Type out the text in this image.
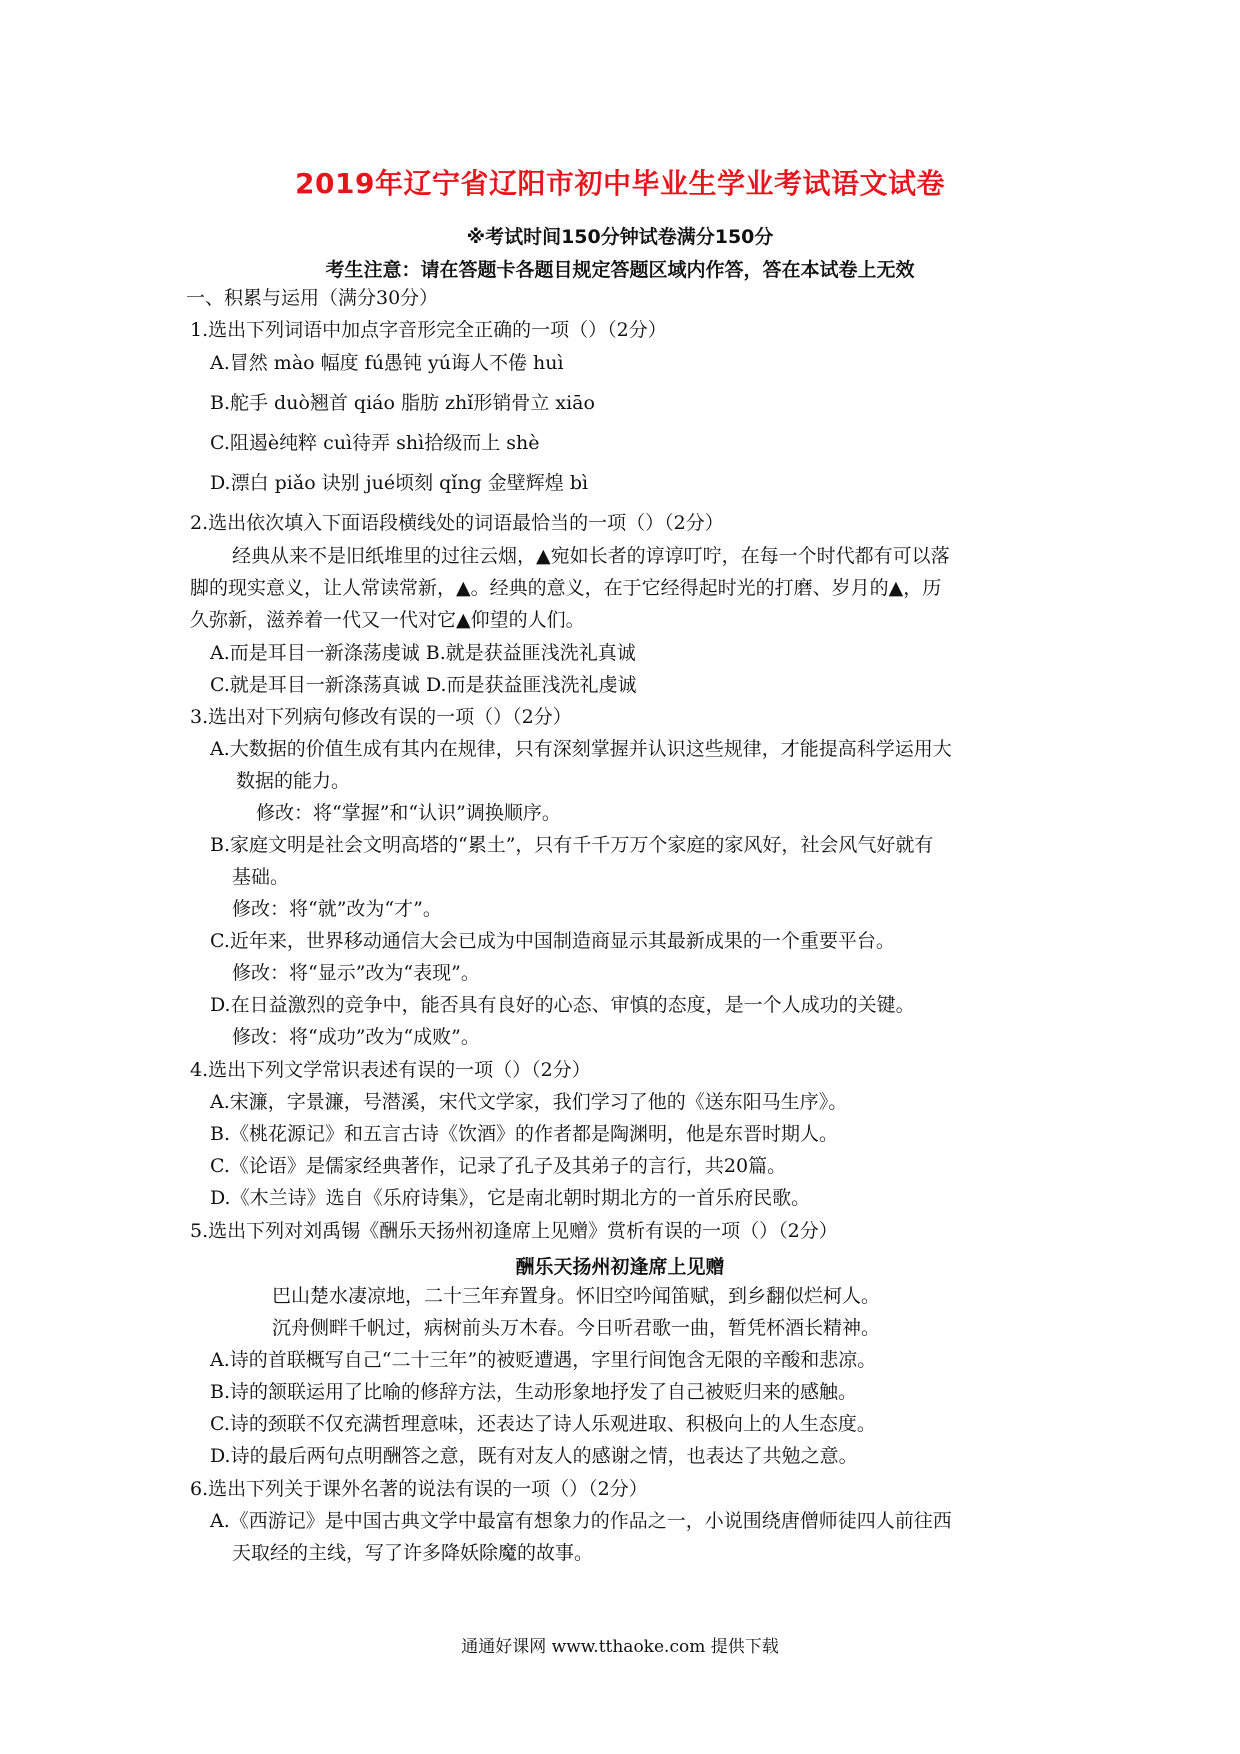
2019年辽宁省辽阳市初中毕业生学业考试语文试卷
※考试时间150分钟试卷满分150分
考生注意：请在答题卡各题目规定答题区域内作答，答在本试卷上无效
一、积累与运用（满分30分）
1.选出下列词语中加点字音形完全正确的一项（）（2分）
A.冒然 mào 幅度 fú愚钝 yú诲人不倦 huì
B.舵手 duò翘首 qiáo 脂肪 zhǐ形销骨立 xiāo
C.阻遏è纯粹 cuì待弄 shì拾级而上 shè
D.漂白 piǎo 诀别 jué顷刻 qǐng 金壁辉煌 bì
2.选出依次填入下面语段横线处的词语最恰当的一项（）（2分）
经典从来不是旧纸堆里的过往云烟，▲宛如长者的谆谆叮咛，在每一个时代都有可以落
脚的现实意义，让人常读常新，▲。经典的意义，在于它经得起时光的打磨、岁月的▲，历
久弥新，滋养着一代又一代对它▲仰望的人们。
A.而是耳目一新涤荡虔诚 B.就是获益匪浅洗礼真诚
C.就是耳目一新涤荡真诚 D.而是获益匪浅洗礼虔诚
3.选出对下列病句修改有误的一项（）（2分）
A.大数据的价值生成有其内在规律，只有深刻掌握并认识这些规律，才能提高科学运用大
数据的能力。
修改：将“掌握”和“认识”调换顺序。
B.家庭文明是社会文明高塔的“累土”，只有千千万万个家庭的家风好，社会风气好就有
基础。
修改：将“就”改为“才”。
C.近年来，世界移动通信大会已成为中国制造商显示其最新成果的一个重要平台。
修改：将“显示”改为“表现”。
D.在日益激烈的竞争中，能否具有良好的心态、审慎的态度，是一个人成功的关键。
修改：将“成功”改为“成败”。
4.选出下列文学常识表述有误的一项（）（2分）
A.宋濂，字景濂，号潜溪，宋代文学家，我们学习了他的《送东阳马生序》。
B.《桃花源记》和五言古诗《饮酒》的作者都是陶渊明，他是东晋时期人。
C.《论语》是儒家经典著作，记录了孔子及其弟子的言行，共20篇。
D.《木兰诗》选自《乐府诗集》，它是南北朝时期北方的一首乐府民歌。
5.选出下列对刘禹锡《酬乐天扬州初逢席上见赠》赏析有误的一项（）（2分）
酬乐天扬州初逢席上见赠
巴山楚水凄凉地，二十三年弃置身。怀旧空吟闻笛赋，到乡翻似烂柯人。
沉舟侧畔千帆过，病树前头万木春。今日听君歌一曲，暂凭杯酒长精神。
A.诗的首联概写自己“二十三年”的被贬遭遇，字里行间饱含无限的辛酸和悲凉。
B.诗的颔联运用了比喻的修辞方法，生动形象地抒发了自己被贬归来的感触。
C.诗的颈联不仅充满哲理意味，还表达了诗人乐观进取、积极向上的人生态度。
D.诗的最后两句点明酬答之意，既有对友人的感谢之情，也表达了共勉之意。
6.选出下列关于课外名著的说法有误的一项（）（2分）
A.《西游记》是中国古典文学中最富有想象力的作品之一，小说围绕唐僧师徒四人前往西
天取经的主线，写了许多降妖除魔的故事。
通通好课网 www.tthaoke.com 提供下载
